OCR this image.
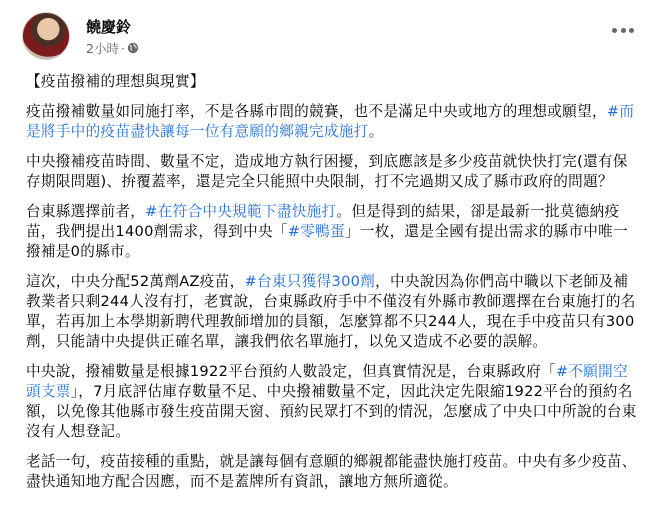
饒慶鈴
2小時 ·

【疫苗撥補的理想與現實】

疫苗撥補數量如同施打率，不是各縣市間的競賽，也不是滿足中央或地方的理想或願望，#而是將手中的疫苗盡快讓每一位有意願的鄉親完成施打。

中央撥補疫苗時間、數量不定，造成地方執行困擾，到底應該是多少疫苗就快快打完(還有保存期限問題)、拚覆蓋率，還是完全只能照中央限制，打不完過期又成了縣市政府的問題？

台東縣選擇前者，#在符合中央規範下盡快施打。但是得到的結果，卻是最新一批莫德納疫苗，我們提出1400劑需求，得到中央「#零鴨蛋」一枚，還是全國有提出需求的縣市中唯一撥補是0的縣市。

這次，中央分配52萬劑AZ疫苗，#台東只獲得300劑，中央說因為你們高中職以下老師及補教業者只剩244人沒有打，老實說，台東縣政府手中不僅沒有外縣市教師選擇在台東施打的名單，若再加上本學期新聘代理教師增加的員額，怎麼算都不只244人，現在手中疫苗只有300劑，只能請中央提供正確名單，讓我們依名單施打，以免又造成不必要的誤解。

中央說，撥補數量是根據1922平台預約人數設定，但真實情況是，台東縣政府「#不願開空頭支票」，7月底評估庫存數量不足、中央撥補數量不定，因此決定先限縮1922平台的預約名額，以免像其他縣市發生疫苗開天窗、預約民眾打不到的情況，怎麼成了中央口中所說的台東沒有人想登記。

老話一句，疫苗接種的重點，就是讓每個有意願的鄉親都能盡快施打疫苗。中央有多少疫苗、盡快通知地方配合因應，而不是蓋牌所有資訊，讓地方無所適從。
